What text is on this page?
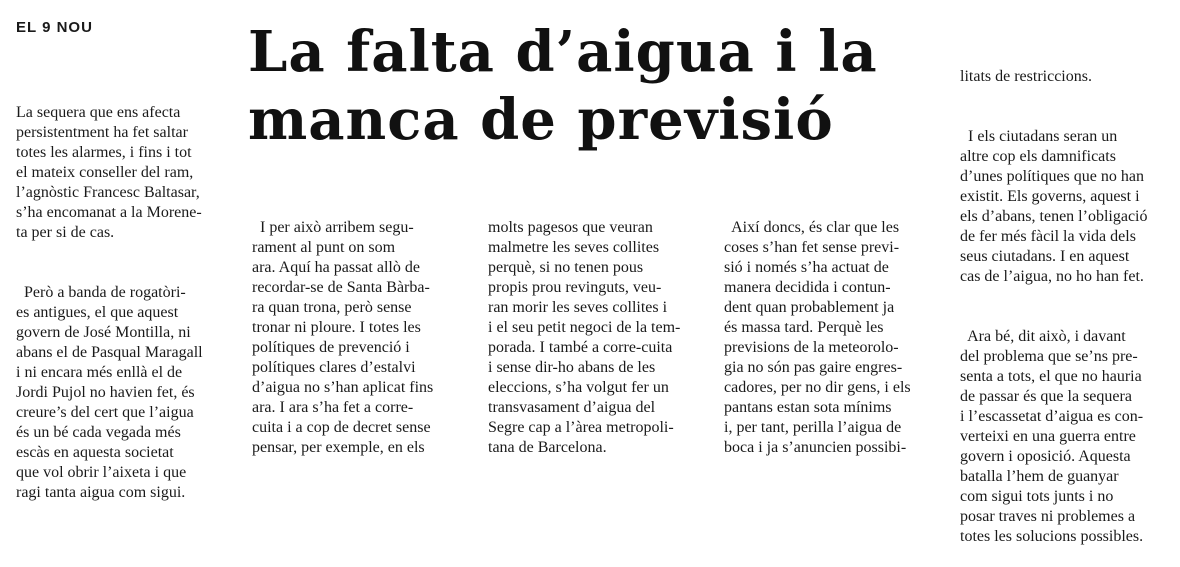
EL 9 NOU	La falta d’aigua i la
manca de previsió

La sequera que ens afecta
persistentment ha fet saltar
totes les alarmes, i fins i tot
el mateix conseller del ram,
l’agnòstic Francesc Baltasar,
s’ha encomanat a la Morene-
ta per si de cas.

Però a banda de rogatòri-
es antigues, el que aquest
govern de José Montilla, ni
abans el de Pasqual Maragall
i ni encara més enllà el de
Jordi Pujol no havien fet, és
creure’s del cert que l’aigua
és un bé cada vegada més
escàs en aquesta societat
que vol obrir l’aixeta i que
ragi tanta aigua com sigui.

I per això arribem segu-
rament al punt on som
ara. Aquí ha passat allò de
recordar-se de Santa Bàrba-
ra quan trona, però sense
tronar ni ploure. I totes les
polítiques de prevenció i
polítiques clares d’estalvi
d’aigua no s’han aplicat fins
ara. I ara s’ha fet a corre-
cuita i a cop de decret sense
pensar, per exemple, en els

molts pagesos que veuran
malmetre les seves collites
perquè, si no tenen pous
propis prou revinguts, veu-
ran morir les seves collites i
i el seu petit negoci de la tem-
porada. I també a corre-cuita
i sense dir-ho abans de les
eleccions, s’ha volgut fer un
transvasament d’aigua del
Segre cap a l’àrea metropoli-
tana de Barcelona.

Així doncs, és clar que les
coses s’han fet sense previ-
sió i només s’ha actuat de
manera decidida i contun-
dent quan probablement ja
és massa tard. Perquè les
previsions de la meteorolo-
gia no són pas gaire engres-
cadores, per no dir gens, i els
pantans estan sota mínims
i, per tant, perilla l’aigua de
boca i ja s’anuncien possibi-

litats de restriccions.

I els ciutadans seran un
altre cop els damnificats
d’unes polítiques que no han
existit. Els governs, aquest i
els d’abans, tenen l’obligació
de fer més fàcil la vida dels
seus ciutadans. I en aquest
cas de l’aigua, no ho han fet.

Ara bé, dit això, i davant
del problema que se’ns pre-
senta a tots, el que no hauria
de passar és que la sequera
i l’escassetat d’aigua es con-
verteixi en una guerra entre
govern i oposició. Aquesta
batalla l’hem de guanyar
com sigui tots junts i no
posar traves ni problemes a
totes les solucions possibles.
